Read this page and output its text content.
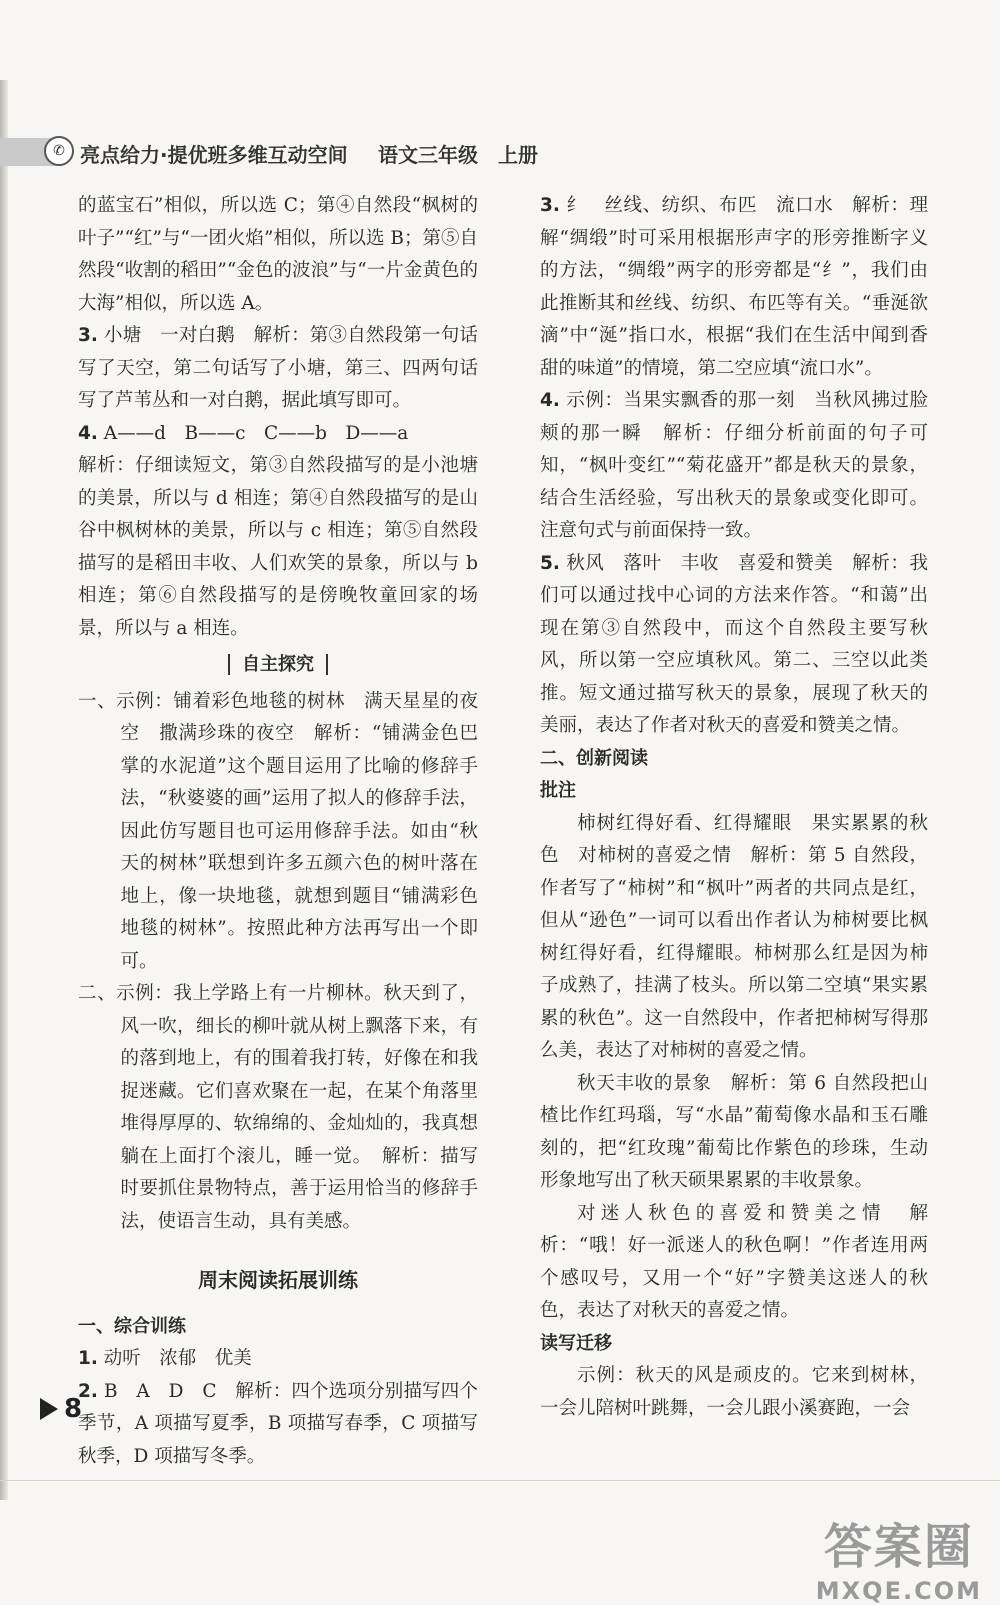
✆ 亮点给力·提优班多维互动空间 语文三年级　上册

的蓝宝石”相似，所以选 C；第④自然段“枫树的叶子”“红”与“一团火焰”相似，所以选 B；第⑤自然段“收割的稻田”“金色的波浪”与“一片金黄色的大海”相似，所以选 A。

3. 小塘　一对白鹅　解析：第③自然段第一句话写了天空，第二句话写了小塘，第三、四两句话写了芦苇丛和一对白鹅，据此填写即可。

4. A——d　B——c　C——b　D——a

解析：仔细读短文，第③自然段描写的是小池塘的美景，所以与 d 相连；第④自然段描写的是山谷中枫树林的美景，所以与 c 相连；第⑤自然段描写的是稻田丰收、人们欢笑的景象，所以与 b 相连；第⑥自然段描写的是傍晚牧童回家的场景，所以与 a 相连。

自主探究

一、示例：铺着彩色地毯的树林　满天星星的夜空　撒满珍珠的夜空　解析：“铺满金色巴掌的水泥道”这个题目运用了比喻的修辞手法，“秋婆婆的画”运用了拟人的修辞手法，因此仿写题目也可运用修辞手法。如由“秋天的树林”联想到许多五颜六色的树叶落在地上，像一块地毯，就想到题目“铺满彩色地毯的树林”。按照此种方法再写出一个即可。

二、示例：我上学路上有一片柳林。秋天到了，风一吹，细长的柳叶就从树上飘落下来，有的落到地上，有的围着我打转，好像在和我捉迷藏。它们喜欢聚在一起，在某个角落里堆得厚厚的、软绵绵的、金灿灿的，我真想躺在上面打个滚儿，睡一觉。　解析：描写时要抓住景物特点，善于运用恰当的修辞手法，使语言生动，具有美感。

周末阅读拓展训练

一、综合训练

1. 动听　浓郁　优美

2. B　A　D　C　解析：四个选项分别描写四个季节，A 项描写夏季，B 项描写春季，C 项描写秋季，D 项描写冬季。

3. 纟　丝线、纺织、布匹　流口水　解析：理解“绸缎”时可采用根据形声字的形旁推断字义的方法，“绸缎”两字的形旁都是“纟”，我们由此推断其和丝线、纺织、布匹等有关。“垂涎欲滴”中“涎”指口水，根据“我们在生活中闻到香甜的味道”的情境，第二空应填“流口水”。

4. 示例：当果实飘香的那一刻　当秋风拂过脸颊的那一瞬　解析：仔细分析前面的句子可知，“枫叶变红”“菊花盛开”都是秋天的景象，结合生活经验，写出秋天的景象或变化即可。注意句式与前面保持一致。

5. 秋风　落叶　丰收　喜爱和赞美　解析：我们可以通过找中心词的方法来作答。“和蔼”出现在第③自然段中，而这个自然段主要写秋风，所以第一空应填秋风。第二、三空以此类推。短文通过描写秋天的景象，展现了秋天的美丽，表达了作者对秋天的喜爱和赞美之情。

二、创新阅读

批注

柿树红得好看、红得耀眼　果实累累的秋色　对柿树的喜爱之情　解析：第 5 自然段，作者写了“柿树”和“枫叶”两者的共同点是红，但从“逊色”一词可以看出作者认为柿树要比枫树红得好看，红得耀眼。柿树那么红是因为柿子成熟了，挂满了枝头。所以第二空填“果实累累的秋色”。这一自然段中，作者把柿树写得那么美，表达了对柿树的喜爱之情。

秋天丰收的景象　解析：第 6 自然段把山楂比作红玛瑙，写“水晶”葡萄像水晶和玉石雕刻的，把“红玫瑰”葡萄比作紫色的珍珠，生动形象地写出了秋天硕果累累的丰收景象。

对迷人秋色的喜爱和赞美之情　解析：“哦！好一派迷人的秋色啊！”作者连用两个感叹号，又用一个“好”字赞美这迷人的秋色，表达了对秋天的喜爱之情。

读写迁移

示例：秋天的风是顽皮的。它来到树林，一会儿陪树叶跳舞，一会儿跟小溪赛跑，一会

8
答案圈
MXQE.COM
